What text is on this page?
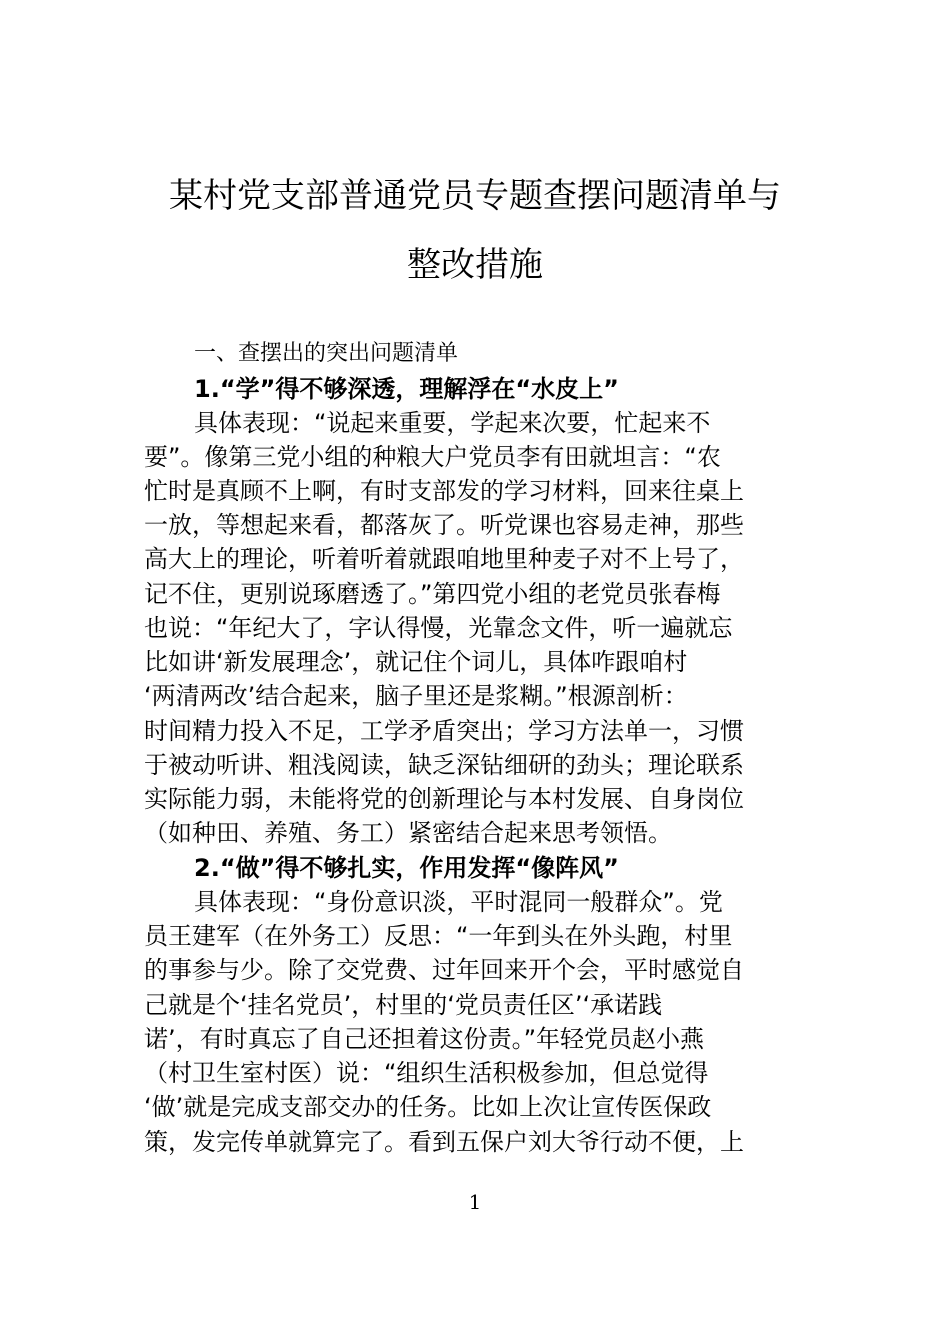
某村党支部普通党员专题查摆问题清单与
整改措施
一、查摆出的突出问题清单
1.“学”得不够深透，理解浮在“水皮上”
具体表现：“说起来重要，学起来次要，忙起来不
要”。像第三党小组的种粮大户党员李有田就坦言：“农
忙时是真顾不上啊，有时支部发的学习材料，回来往桌上
一放，等想起来看，都落灰了。听党课也容易走神，那些
高大上的理论，听着听着就跟咱地里种麦子对不上号了，
记不住，更别说琢磨透了。”第四党小组的老党员张春梅
也说：“年纪大了，字认得慢，光靠念文件，听一遍就忘
比如讲‘新发展理念’，就记住个词儿，具体咋跟咱村
‘两清两改’结合起来，脑子里还是浆糊。”根源剖析：
时间精力投入不足，工学矛盾突出；学习方法单一，习惯
于被动听讲、粗浅阅读，缺乏深钻细研的劲头；理论联系
实际能力弱，未能将党的创新理论与本村发展、自身岗位
（如种田、养殖、务工）紧密结合起来思考领悟。
2.“做”得不够扎实，作用发挥“像阵风”
具体表现：“身份意识淡，平时混同一般群众”。党
员王建军（在外务工）反思：“一年到头在外头跑，村里
的事参与少。除了交党费、过年回来开个会，平时感觉自
己就是个‘挂名党员’，村里的‘党员责任区’‘承诺践
诺’，有时真忘了自己还担着这份责。”年轻党员赵小燕
（村卫生室村医）说：“组织生活积极参加，但总觉得
‘做’就是完成支部交办的任务。比如上次让宣传医保政
策，发完传单就算完了。看到五保户刘大爷行动不便，上
1
